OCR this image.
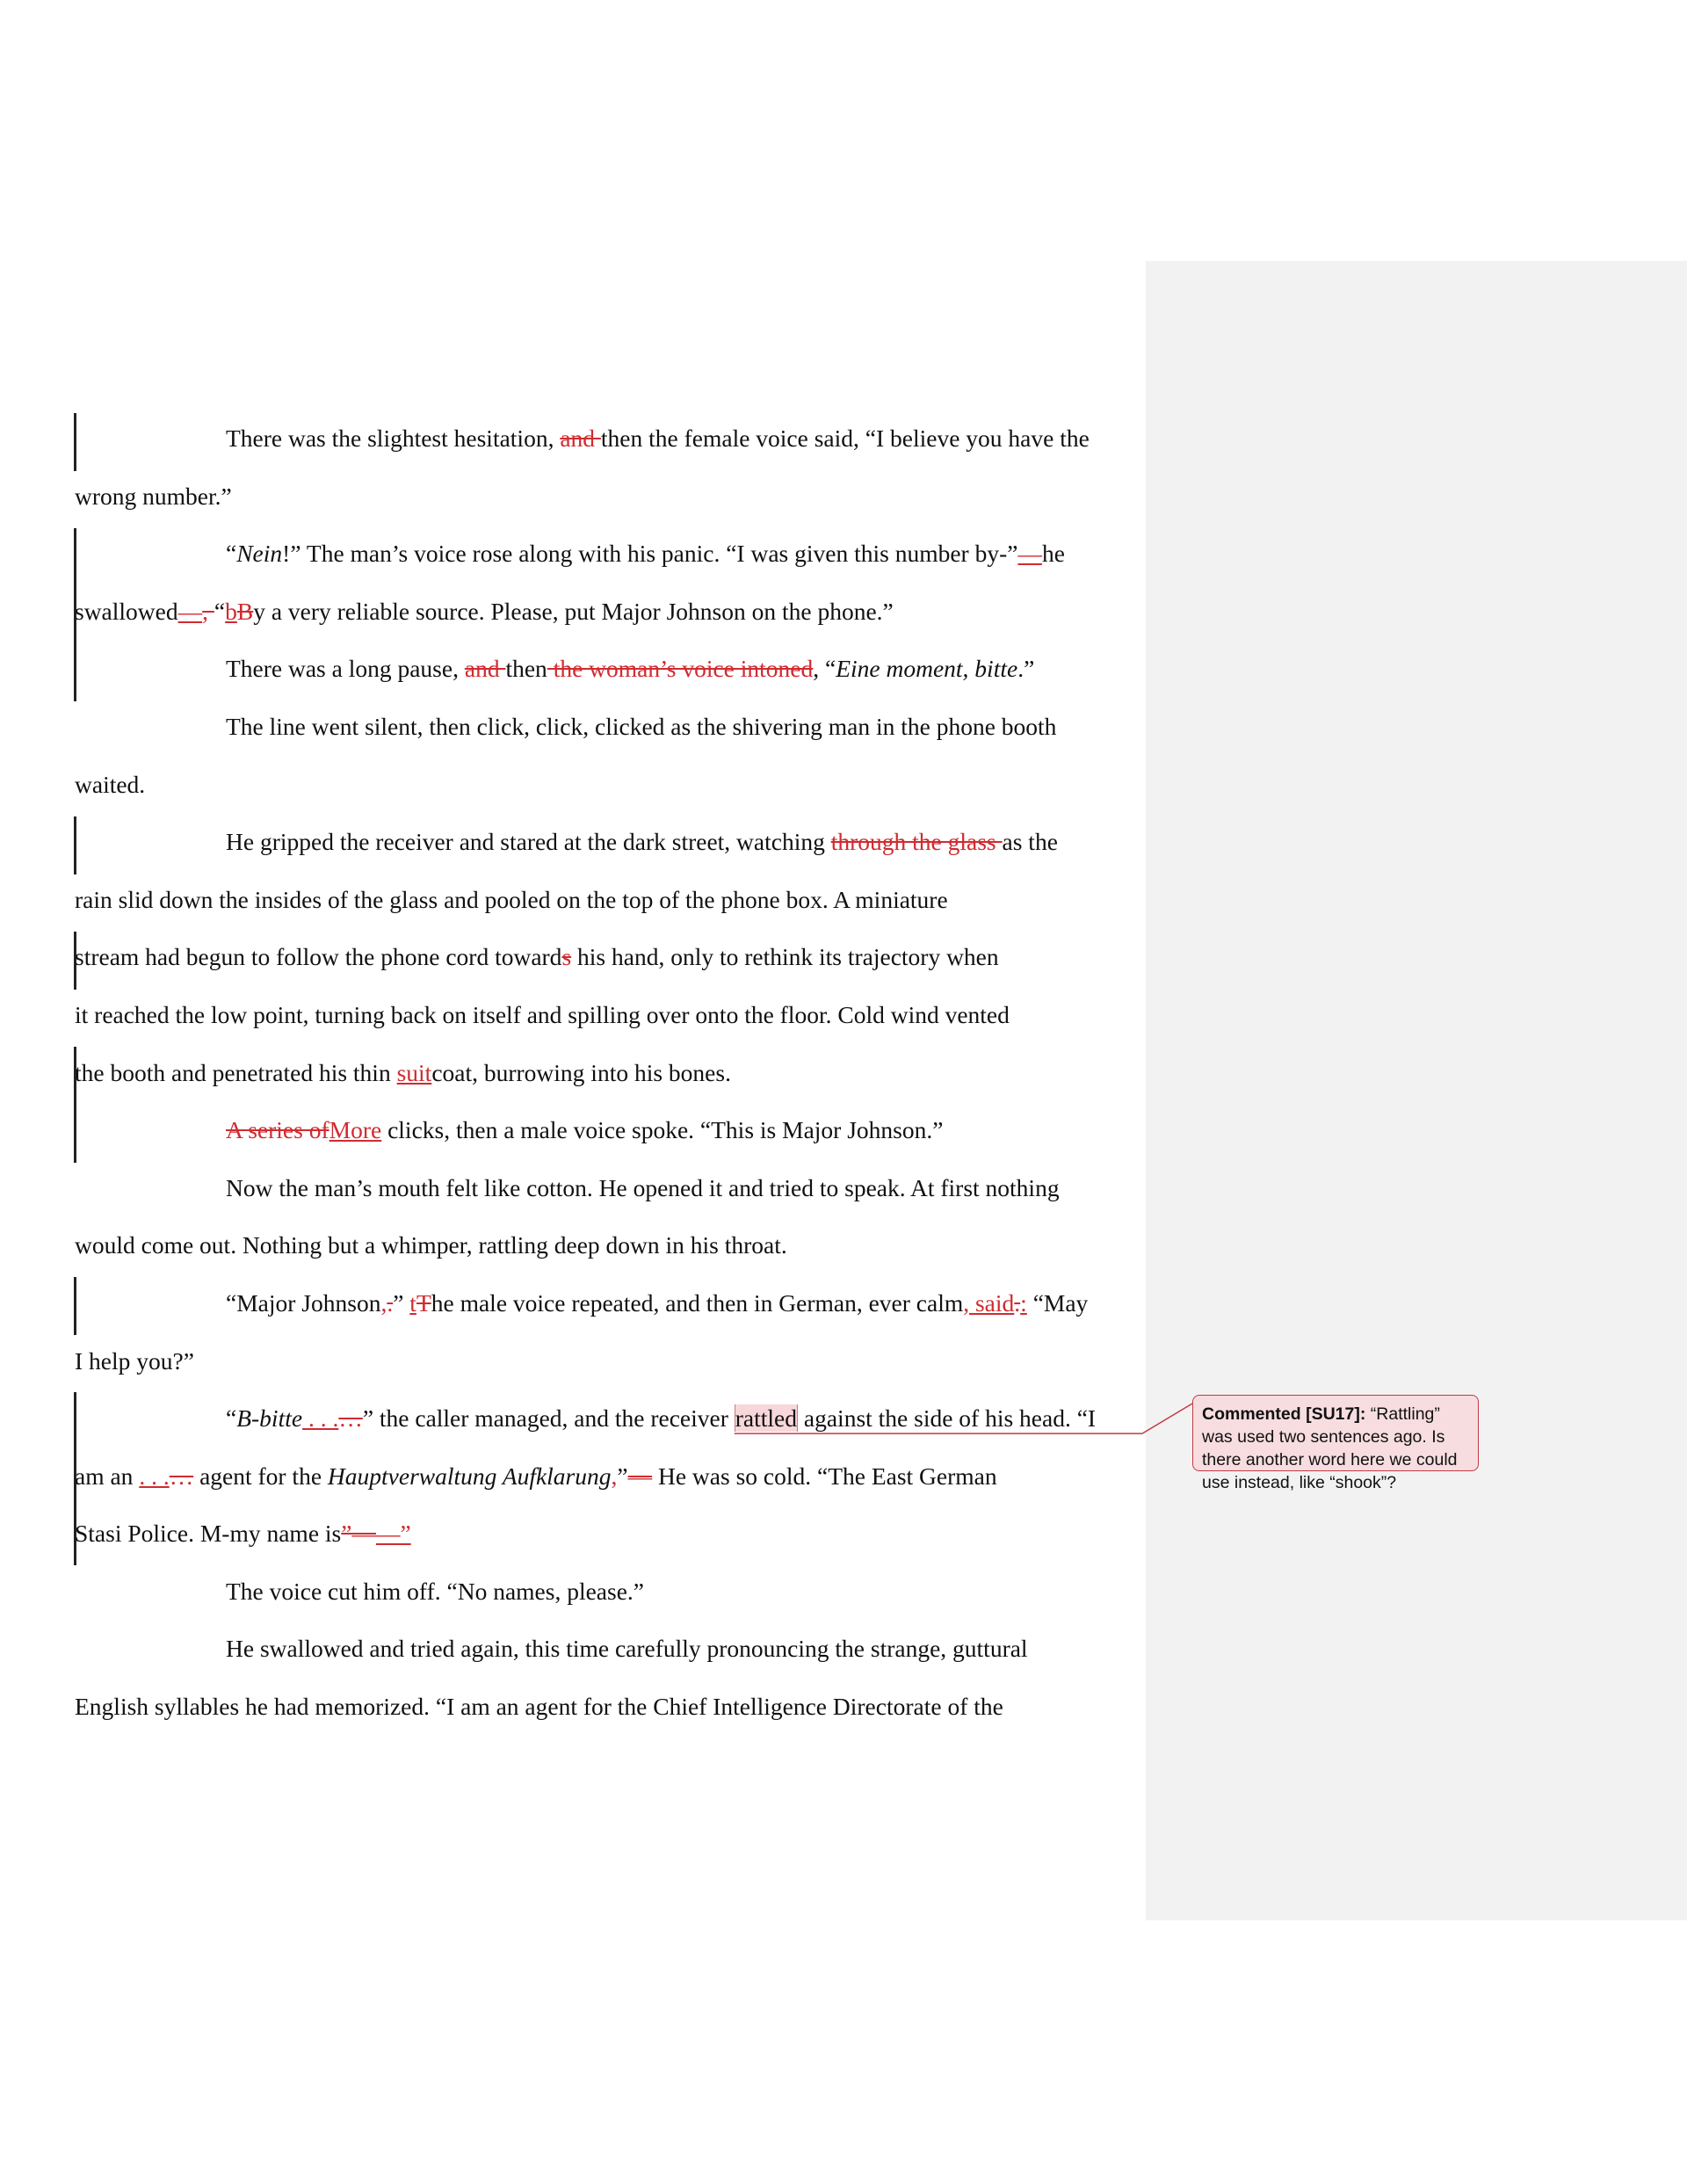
There was the slightest hesitation, and then the female voice said, “I believe you have the
wrong number.”

“Nein!” The man’s voice rose along with his panic. “I was given this number by-”—he
swallowed—, “bBy a very reliable source. Please, put Major Johnson on the phone.”

There was a long pause, and then the woman’s voice intoned, “Eine moment, bitte.”

The line went silent, then click, click, clicked as the shivering man in the phone booth
waited.

He gripped the receiver and stared at the dark street, watching through the glass as the
rain slid down the insides of the glass and pooled on the top of the phone box. A miniature
stream had begun to follow the phone cord towards his hand, only to rethink its trajectory when
it reached the low point, turning back on itself and spilling over onto the floor. Cold wind vented
the booth and penetrated his thin suitcoat, burrowing into his bones.

A series ofMore clicks, then a male voice spoke. “This is Major Johnson.”

Now the man’s mouth felt like cotton. He opened it and tried to speak. At first nothing
would come out. Nothing but a whimper, rattling deep down in his throat.

“Major Johnson,.” tThe male voice repeated, and then in German, ever calm, said.: “May
I help you?”

“B-bitte . . .…” the caller managed, and the receiver rattled against the side of his head. “I
am an . . .… agent for the Hauptverwaltung Aufklarung,”— He was so cold. “The East German
Stasi Police. M-my name is”——”

The voice cut him off. “No names, please.”

He swallowed and tried again, this time carefully pronouncing the strange, guttural
English syllables he had memorized. “I am an agent for the Chief Intelligence Directorate of the

Commented [SU17]: “Rattling” was used two sentences ago. Is there another word here we could use instead, like “shook”?
